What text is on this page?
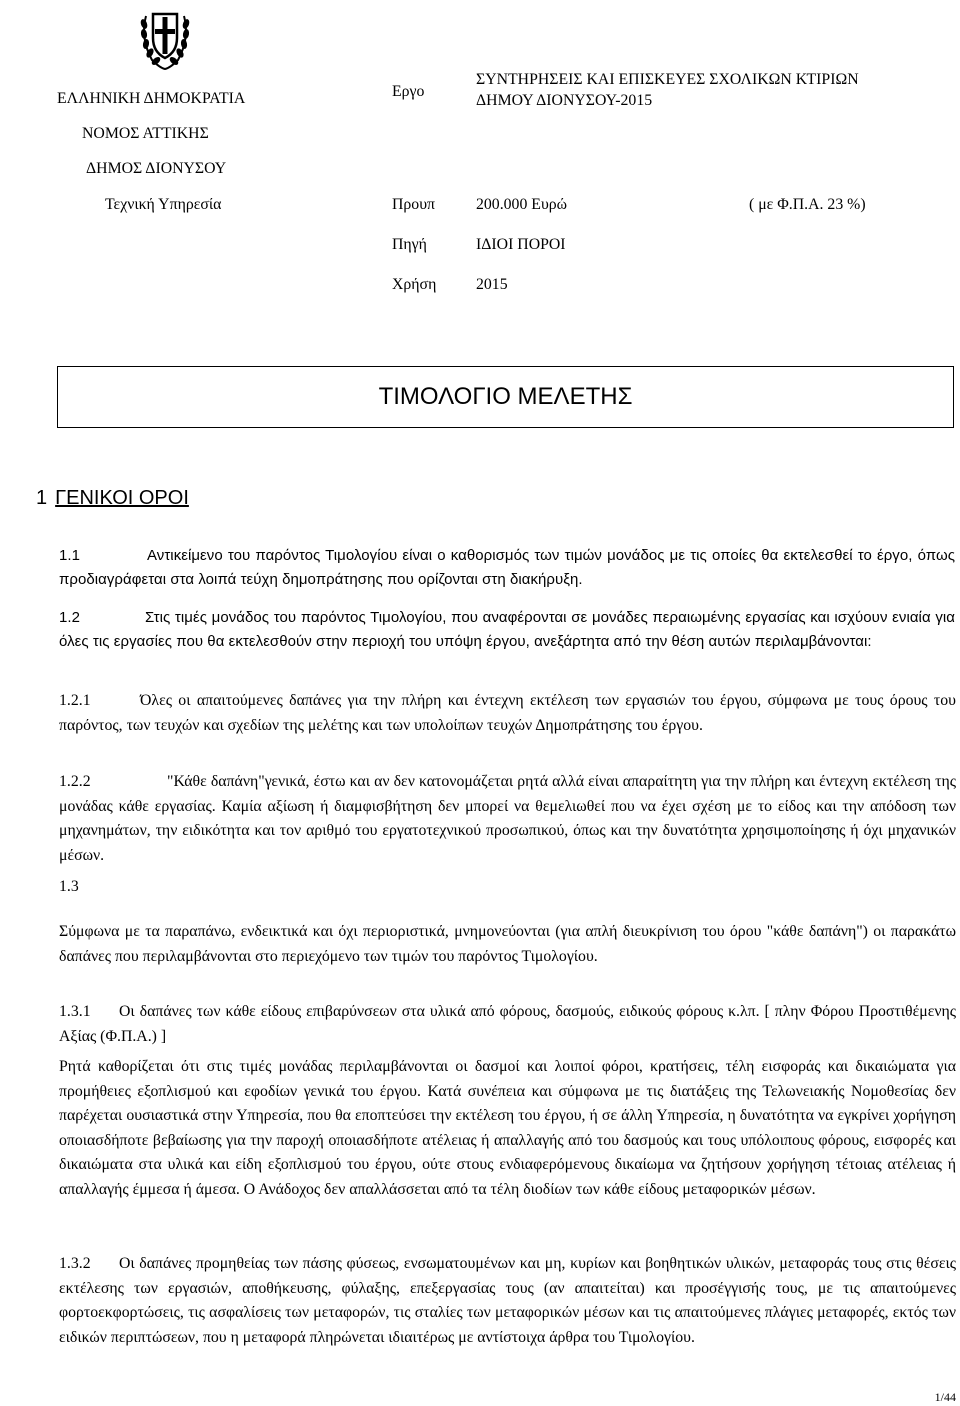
ΕΛΛΗΝΙΚΗ ΔΗΜΟΚΡΑΤΙΑ
ΝΟΜΟΣ ΑΤΤΙΚΗΣ
ΔΗΜΟΣ ΔΙΟΝΥΣΟΥ
Τεχνική Υπηρεσία
Εργο
ΣΥΝΤΗΡΗΣΕΙΣ ΚΑΙ ΕΠΙΣΚΕΥΕΣ ΣΧΟΛΙΚΩΝ ΚΤΙΡΙΩΝ
ΔΗΜΟΥ ΔΙΟΝΥΣΟΥ-2015
Προυπ	200.000 Ευρώ	( με Φ.Π.Α. 23 %)
Πηγή	ΙΔΙΟΙ ΠΟΡΟΙ
Χρήση	2015
ΤΙΜΟΛΟΓΙΟ ΜΕΛΕΤΗΣ
1 ΓΕΝΙΚΟΙ ΟΡΟΙ
1.1	Αντικείμενο του παρόντος Τιμολογίου είναι ο καθορισμός των τιμών μονάδος με τις οποίες θα εκτελεσθεί το έργο, όπως προδιαγράφεται στα λοιπά τεύχη δημοπράτησης που ορίζονται στη διακήρυξη.
1.2	Στις τιμές μονάδος του παρόντος Τιμολογίου, που αναφέρονται σε μονάδες περαιωμένης εργασίας και ισχύουν ενιαία για όλες τις εργασίες που θα εκτελεσθούν στην περιοχή του υπόψη έργου, ανεξάρτητα από την θέση αυτών περιλαμβάνονται:
1.2.1	Όλες οι απαιτούμενες δαπάνες για την πλήρη και έντεχνη εκτέλεση των εργασιών του έργου, σύμφωνα με τους όρους του παρόντος, των τευχών και σχεδίων της μελέτης και των υπολοίπων τευχών Δημοπράτησης του έργου.
1.2.2	"Κάθε δαπάνη"γενικά, έστω και αν δεν κατονομάζεται ρητά αλλά είναι απαραίτητη για την πλήρη και έντεχνη εκτέλεση της μονάδας κάθε εργασίας. Καμία αξίωση ή διαμφισβήτηση δεν μπορεί να θεμελιωθεί που να έχει σχέση με το είδος και την απόδοση των μηχανημάτων, την ειδικότητα και τον αριθμό του εργατοτεχνικού προσωπικού, όπως και την δυνατότητα χρησιμοποίησης ή όχι μηχανικών μέσων.
1.3
Σύμφωνα με τα παραπάνω, ενδεικτικά και όχι περιοριστικά, μνημονεύονται (για απλή διευκρίνιση του όρου "κάθε δαπάνη") οι παρακάτω δαπάνες που περιλαμβάνονται στο περιεχόμενο των τιμών του παρόντος Τιμολογίου.
1.3.1 Οι δαπάνες των κάθε είδους επιβαρύνσεων στα υλικά από φόρους, δασμούς, ειδικούς φόρους κ.λπ. [ πλην Φόρου Προστιθέμενης Αξίας (Φ.Π.Α.) ]
Ρητά καθορίζεται ότι στις τιμές μονάδας περιλαμβάνονται οι δασμοί και λοιποί φόροι, κρατήσεις, τέλη εισφοράς και δικαιώματα για προμήθειες εξοπλισμού και εφοδίων γενικά του έργου. Κατά συνέπεια και σύμφωνα με τις διατάξεις της Τελωνειακής Νομοθεσίας δεν παρέχεται ουσιαστικά στην Υπηρεσία, που θα εποπτεύσει την εκτέλεση του έργου, ή σε άλλη Υπηρεσία, η δυνατότητα να εγκρίνει χορήγηση οποιασδήποτε βεβαίωσης για την παροχή οποιασδήποτε ατέλειας ή απαλλαγής από του δασμούς και τους υπόλοιπους φόρους, εισφορές και δικαιώματα στα υλικά και είδη εξοπλισμού του έργου, ούτε στους ενδιαφερόμενους δικαίωμα να ζητήσουν χορήγηση τέτοιας ατέλειας ή απαλλαγής έμμεσα ή άμεσα. Ο Ανάδοχος δεν απαλλάσσεται από τα τέλη διοδίων των κάθε είδους μεταφορικών μέσων.
1.3.2 Οι δαπάνες προμηθείας των πάσης φύσεως, ενσωματουμένων και μη, κυρίων και βοηθητικών υλικών, μεταφοράς τους στις θέσεις εκτέλεσης των εργασιών, αποθήκευσης, φύλαξης, επεξεργασίας τους (αν απαιτείται) και προσέγγισής τους, με τις απαιτούμενες φορτοεκφορτώσεις, τις ασφαλίσεις των μεταφορών, τις σταλίες των μεταφορικών μέσων και τις απαιτούμενες πλάγιες μεταφορές, εκτός των ειδικών περιπτώσεων, που η μεταφορά πληρώνεται ιδιαιτέρως με αντίστοιχα άρθρα του Τιμολογίου.
1/44
